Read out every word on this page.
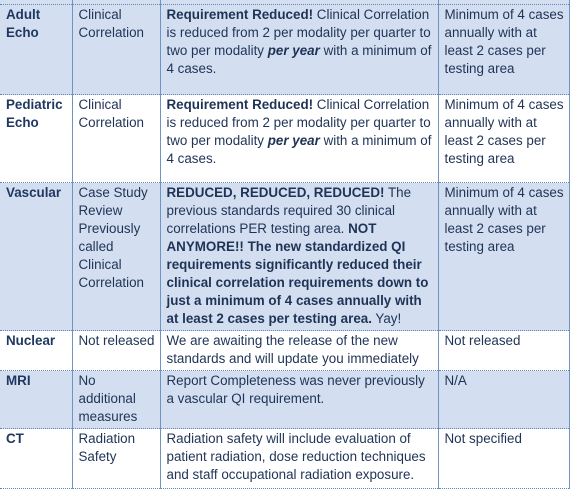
Adult Echo	Clinical Correlation	Requirement Reduced! Clinical Correlation is reduced from 2 per modality per quarter to two per modality per year with a minimum of 4 cases.	Minimum of 4 cases annually with at least 2 cases per testing area
Pediatric Echo	Clinical Correlation	Requirement Reduced! Clinical Correlation is reduced from 2 per modality per quarter to two per modality per year with a minimum of 4 cases.	Minimum of 4 cases annually with at least 2 cases per testing area
Vascular	Case Study Review Previously called Clinical Correlation	REDUCED, REDUCED, REDUCED! The previous standards required 30 clinical correlations PER testing area. NOT ANYMORE!! The new standardized QI requirements significantly reduced their clinical correlation requirements down to just a minimum of 4 cases annually with at least 2 cases per testing area. Yay!	Minimum of 4 cases annually with at least 2 cases per testing area
Nuclear	Not released	We are awaiting the release of the new standards and will update you immediately	Not released
MRI	No additional measures	Report Completeness was never previously a vascular QI requirement.	N/A
CT	Radiation Safety	Radiation safety will include evaluation of patient radiation, dose reduction techniques and staff occupational radiation exposure.	Not specified
